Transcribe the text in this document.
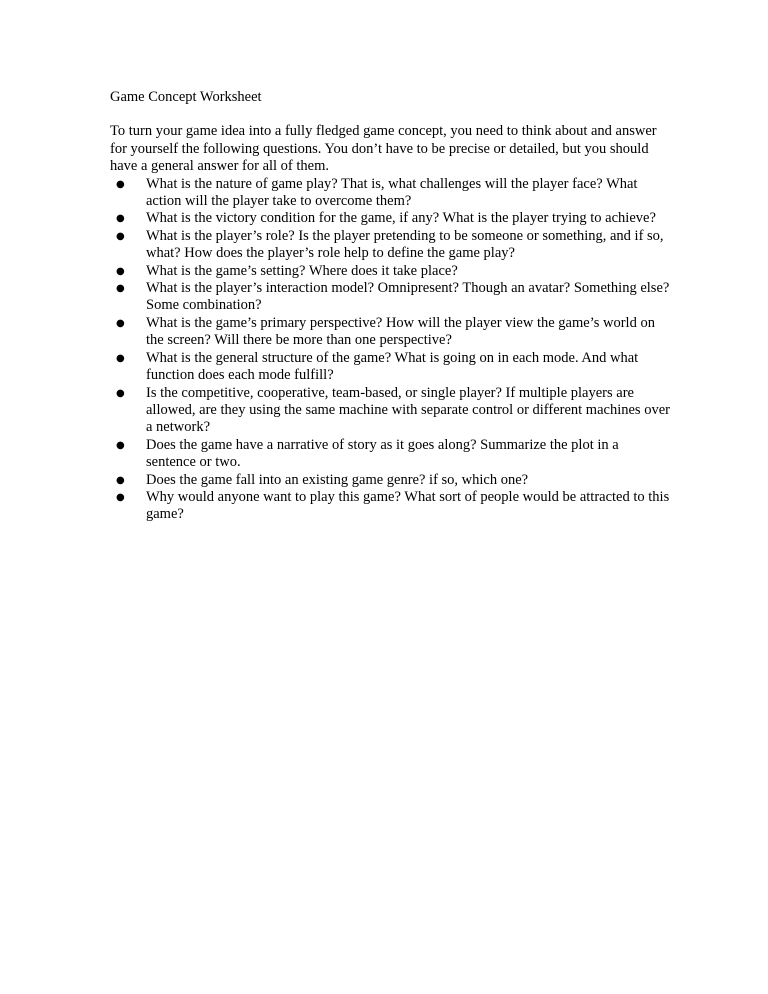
Game Concept Worksheet

To turn your game idea into a fully fledged game concept, you need to think about and answer for yourself the following questions. You don’t have to be precise or detailed, but you should have a general answer for all of them.

● What is the nature of game play? That is, what challenges will the player face? What action will the player take to overcome them?
● What is the victory condition for the game, if any? What is the player trying to achieve?
● What is the player’s role? Is the player pretending to be someone or something, and if so, what? How does the player’s role help to define the game play?
● What is the game’s setting? Where does it take place?
● What is the player’s interaction model? Omnipresent? Though an avatar? Something else? Some combination?
● What is the game’s primary perspective? How will the player view the game’s world on the screen? Will there be more than one perspective?
● What is the general structure of the game? What is going on in each mode. And what function does each mode fulfill?
● Is the competitive, cooperative, team-based, or single player? If multiple players are allowed, are they using the same machine with separate control or different machines over a network?
● Does the game have a narrative of story as it goes along? Summarize the plot in a sentence or two.
● Does the game fall into an existing game genre? if so, which one?
● Why would anyone want to play this game? What sort of people would be attracted to this game?
